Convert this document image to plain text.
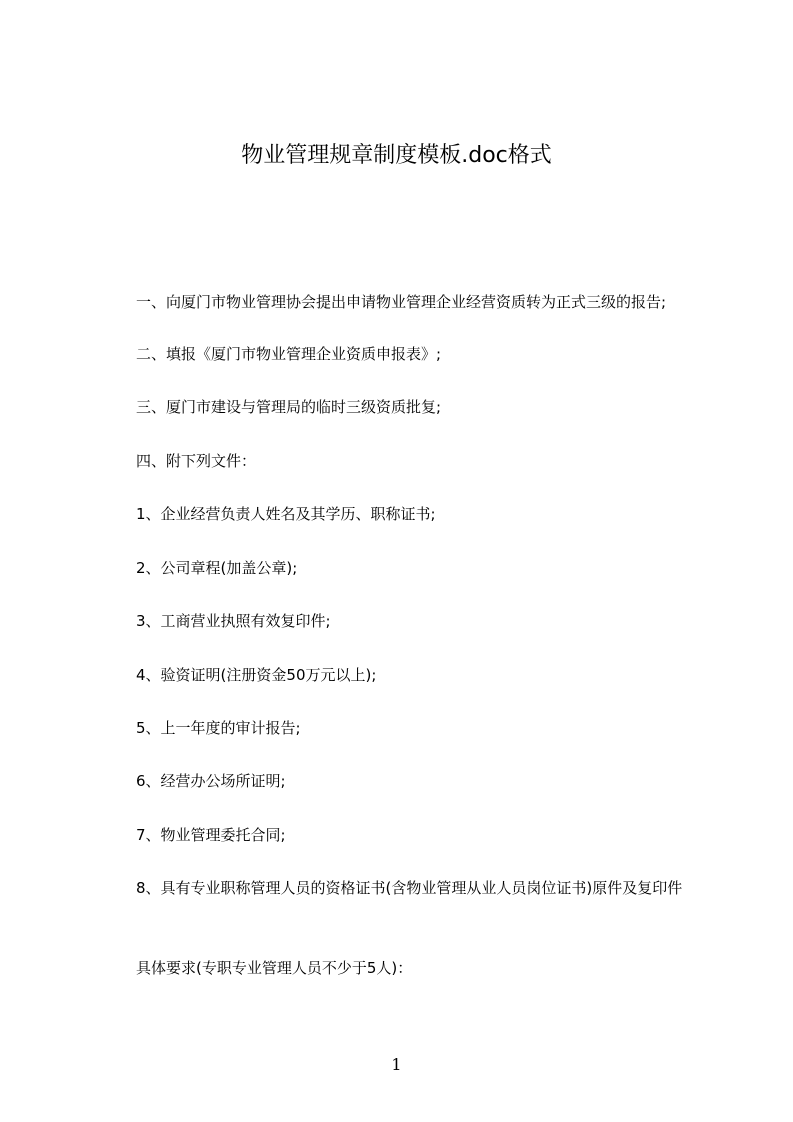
物业管理规章制度模板.doc格式

一、向厦门市物业管理协会提出申请物业管理企业经营资质转为正式三级的报告;

二、填报《厦门市物业管理企业资质申报表》;

三、厦门市建设与管理局的临时三级资质批复;

四、附下列文件：

1、企业经营负责人姓名及其学历、职称证书;

2、公司章程(加盖公章);

3、工商营业执照有效复印件;

4、验资证明(注册资金50万元以上);

5、上一年度的审计报告;

6、经营办公场所证明;

7、物业管理委托合同;

8、具有专业职称管理人员的资格证书(含物业管理从业人员岗位证书)原件及复印件

具体要求(专职专业管理人员不少于5人)：

1
